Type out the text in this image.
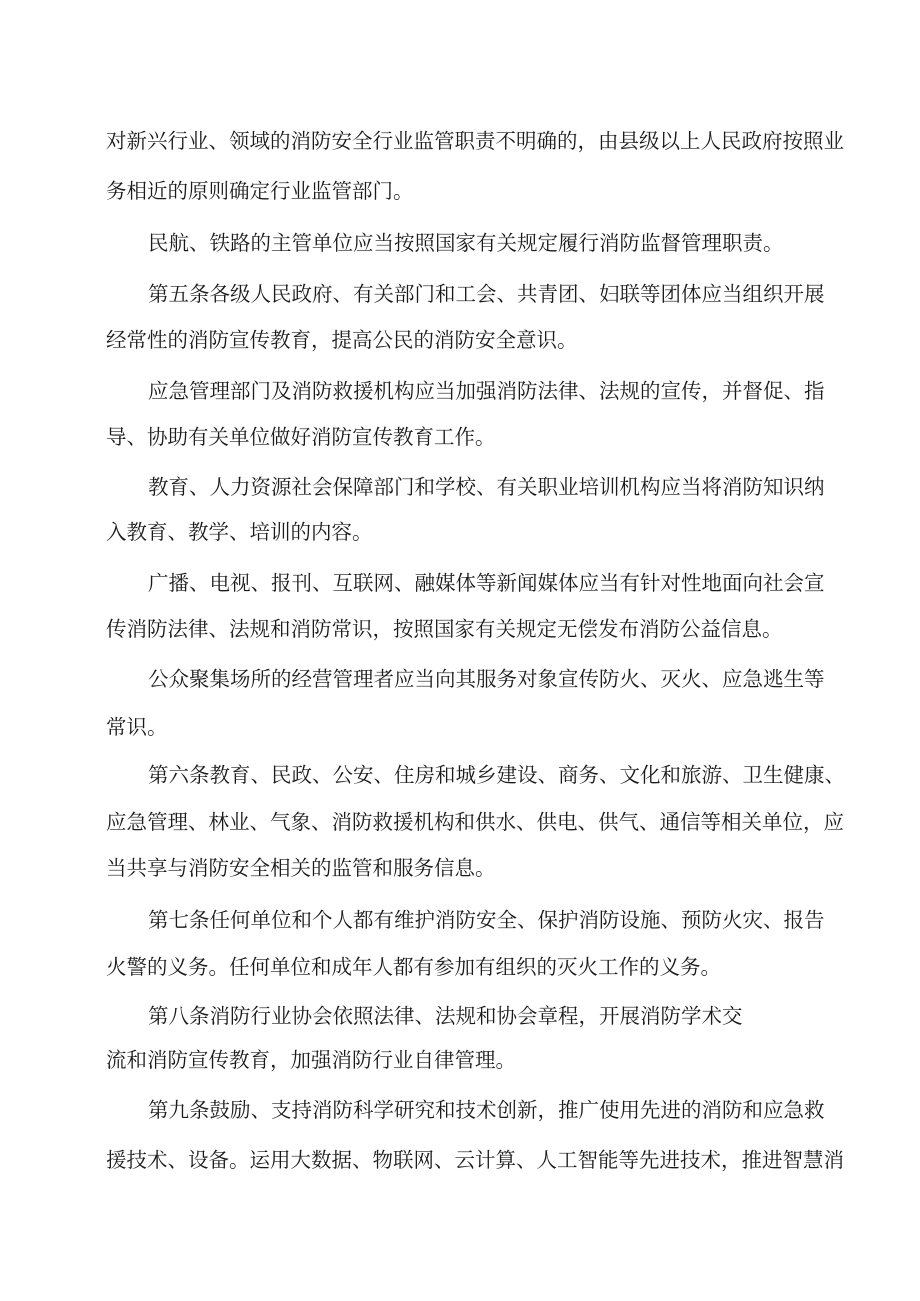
对新兴行业、领域的消防安全行业监管职责不明确的，由县级以上人民政府按照业
务相近的原则确定行业监管部门。
民航、铁路的主管单位应当按照国家有关规定履行消防监督管理职责。
第五条各级人民政府、有关部门和工会、共青团、妇联等团体应当组织开展
经常性的消防宣传教育，提高公民的消防安全意识。
应急管理部门及消防救援机构应当加强消防法律、法规的宣传，并督促、指
导、协助有关单位做好消防宣传教育工作。
教育、人力资源社会保障部门和学校、有关职业培训机构应当将消防知识纳
入教育、教学、培训的内容。
广播、电视、报刊、互联网、融媒体等新闻媒体应当有针对性地面向社会宣
传消防法律、法规和消防常识，按照国家有关规定无偿发布消防公益信息。
公众聚集场所的经营管理者应当向其服务对象宣传防火、灭火、应急逃生等
常识。
第六条教育、民政、公安、住房和城乡建设、商务、文化和旅游、卫生健康、
应急管理、林业、气象、消防救援机构和供水、供电、供气、通信等相关单位，应
当共享与消防安全相关的监管和服务信息。
第七条任何单位和个人都有维护消防安全、保护消防设施、预防火灾、报告
火警的义务。任何单位和成年人都有参加有组织的灭火工作的义务。
第八条消防行业协会依照法律、法规和协会章程，开展消防学术交
流和消防宣传教育，加强消防行业自律管理。
第九条鼓励、支持消防科学研究和技术创新，推广使用先进的消防和应急救
援技术、设备。运用大数据、物联网、云计算、人工智能等先进技术，推进智慧消
